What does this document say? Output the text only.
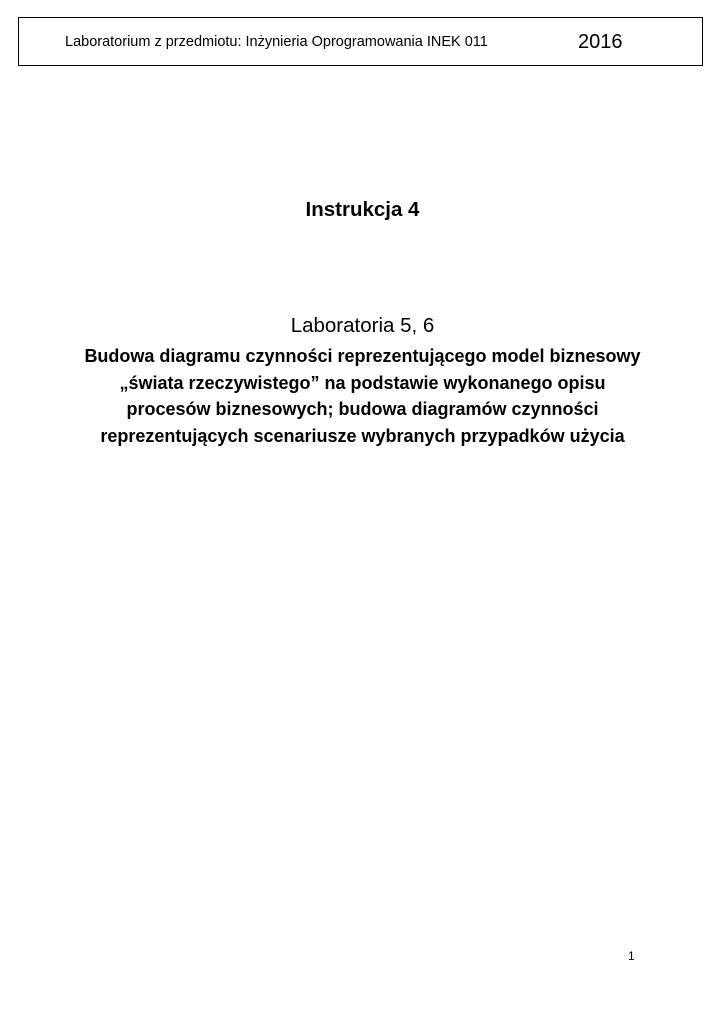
Laboratorium z przedmiotu: Inżynieria Oprogramowania INEK 011	2016
Instrukcja 4
Laboratoria 5, 6
Budowa diagramu czynności reprezentującego model biznesowy „świata rzeczywistego” na podstawie wykonanego opisu procesów biznesowych; budowa diagramów czynności reprezentujących scenariusze wybranych przypadków użycia
1
